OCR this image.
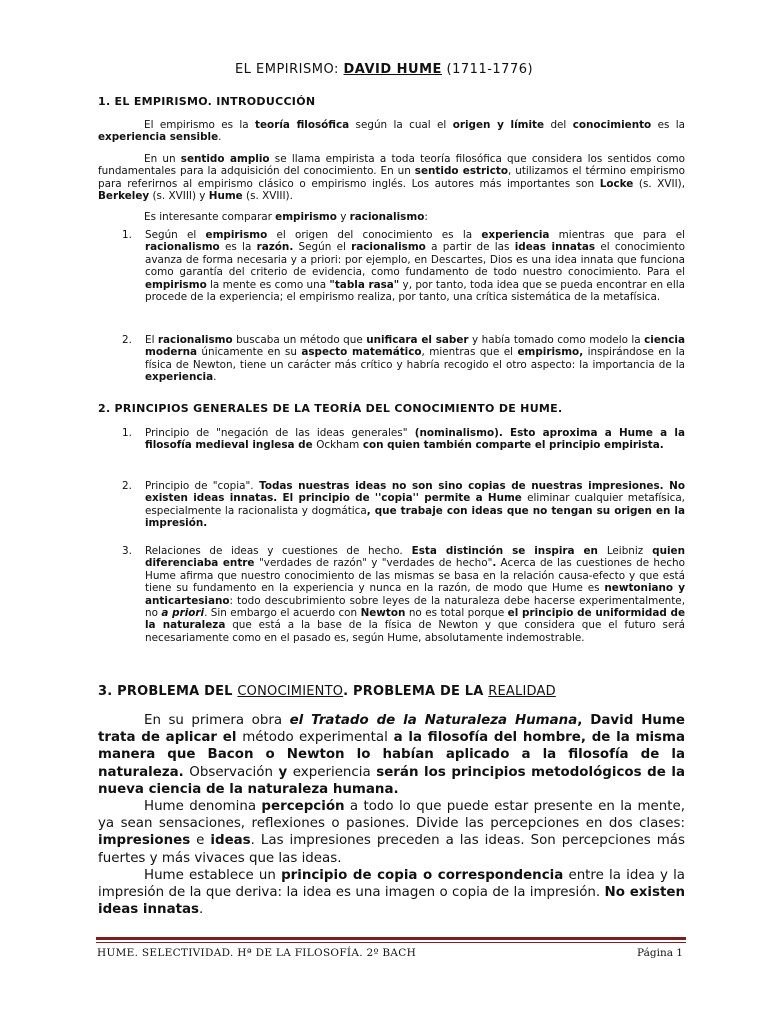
EL EMPIRISMO: DAVID HUME (1711-1776)
1. EL EMPIRISMO. INTRODUCCIÓN
El empirismo es la teoría filosófica según la cual el origen y límite del conocimiento es la experiencia sensible.
En un sentido amplio se llama empirista a toda teoría filosófica que considera los sentidos como fundamentales para la adquisición del conocimiento. En un sentido estricto, utilizamos el término empirismo para referirnos al empirismo clásico o empirismo inglés. Los autores más importantes son Locke (s. XVII), Berkeley (s. XVIII) y Hume (s. XVIII).
Es interesante comparar empirismo y racionalismo:
1. Según el empirismo el origen del conocimiento es la experiencia mientras que para el racionalismo es la razón. Según el racionalismo a partir de las ideas innatas el conocimiento avanza de forma necesaria y a priori: por ejemplo, en Descartes, Dios es una idea innata que funciona como garantía del criterio de evidencia, como fundamento de todo nuestro conocimiento. Para el empirismo la mente es como una "tabla rasa" y, por tanto, toda idea que se pueda encontrar en ella procede de la experiencia; el empirismo realiza, por tanto, una crítica sistemática de la metafísica.
2. El racionalismo buscaba un método que unificara el saber y había tomado como modelo la ciencia moderna únicamente en su aspecto matemático, mientras que el empirismo, inspirándose en la física de Newton, tiene un carácter más crítico y habría recogido el otro aspecto: la importancia de la experiencia.
2. PRINCIPIOS GENERALES DE LA TEORÍA DEL CONOCIMIENTO DE HUME.
1. Principio de "negación de las ideas generales" (nominalismo). Esto aproxima a Hume a la filosofía medieval inglesa de Ockham con quien también comparte el principio empirista.
2. Principio de "copia". Todas nuestras ideas no son sino copias de nuestras impresiones. No existen ideas innatas. El principio de ''copia'' permite a Hume eliminar cualquier metafísica, especialmente la racionalista y dogmática, que trabaje con ideas que no tengan su origen en la impresión.
3. Relaciones de ideas y cuestiones de hecho. Esta distinción se inspira en Leibniz quien diferenciaba entre "verdades de razón" y "verdades de hecho". Acerca de las cuestiones de hecho Hume afirma que nuestro conocimiento de las mismas se basa en la relación causa-efecto y que está tiene su fundamento en la experiencia y nunca en la razón, de modo que Hume es newtoniano y anticartesiano: todo descubrimiento sobre leyes de la naturaleza debe hacerse experimentalmente, no a priori. Sin embargo el acuerdo con Newton no es total porque el principio de uniformidad de la naturaleza que está a la base de la física de Newton y que considera que el futuro será necesariamente como en el pasado es, según Hume, absolutamente indemostrable.
3. PROBLEMA DEL CONOCIMIENTO. PROBLEMA DE LA REALIDAD
En su primera obra el Tratado de la Naturaleza Humana, David Hume trata de aplicar el método experimental a la filosofía del hombre, de la misma manera que Bacon o Newton lo habían aplicado a la filosofía de la naturaleza. Observación y experiencia serán los principios metodológicos de la nueva ciencia de la naturaleza humana.
Hume denomina percepción a todo lo que puede estar presente en la mente, ya sean sensaciones, reflexiones o pasiones. Divide las percepciones en dos clases: impresiones e ideas. Las impresiones preceden a las ideas. Son percepciones más fuertes y más vivaces que las ideas.
Hume establece un principio de copia o correspondencia entre la idea y la impresión de la que deriva: la idea es una imagen o copia de la impresión. No existen ideas innatas.
HUME. SELECTIVIDAD. Hª DE LA FILOSOFÍA. 2º BACH	Página 1
